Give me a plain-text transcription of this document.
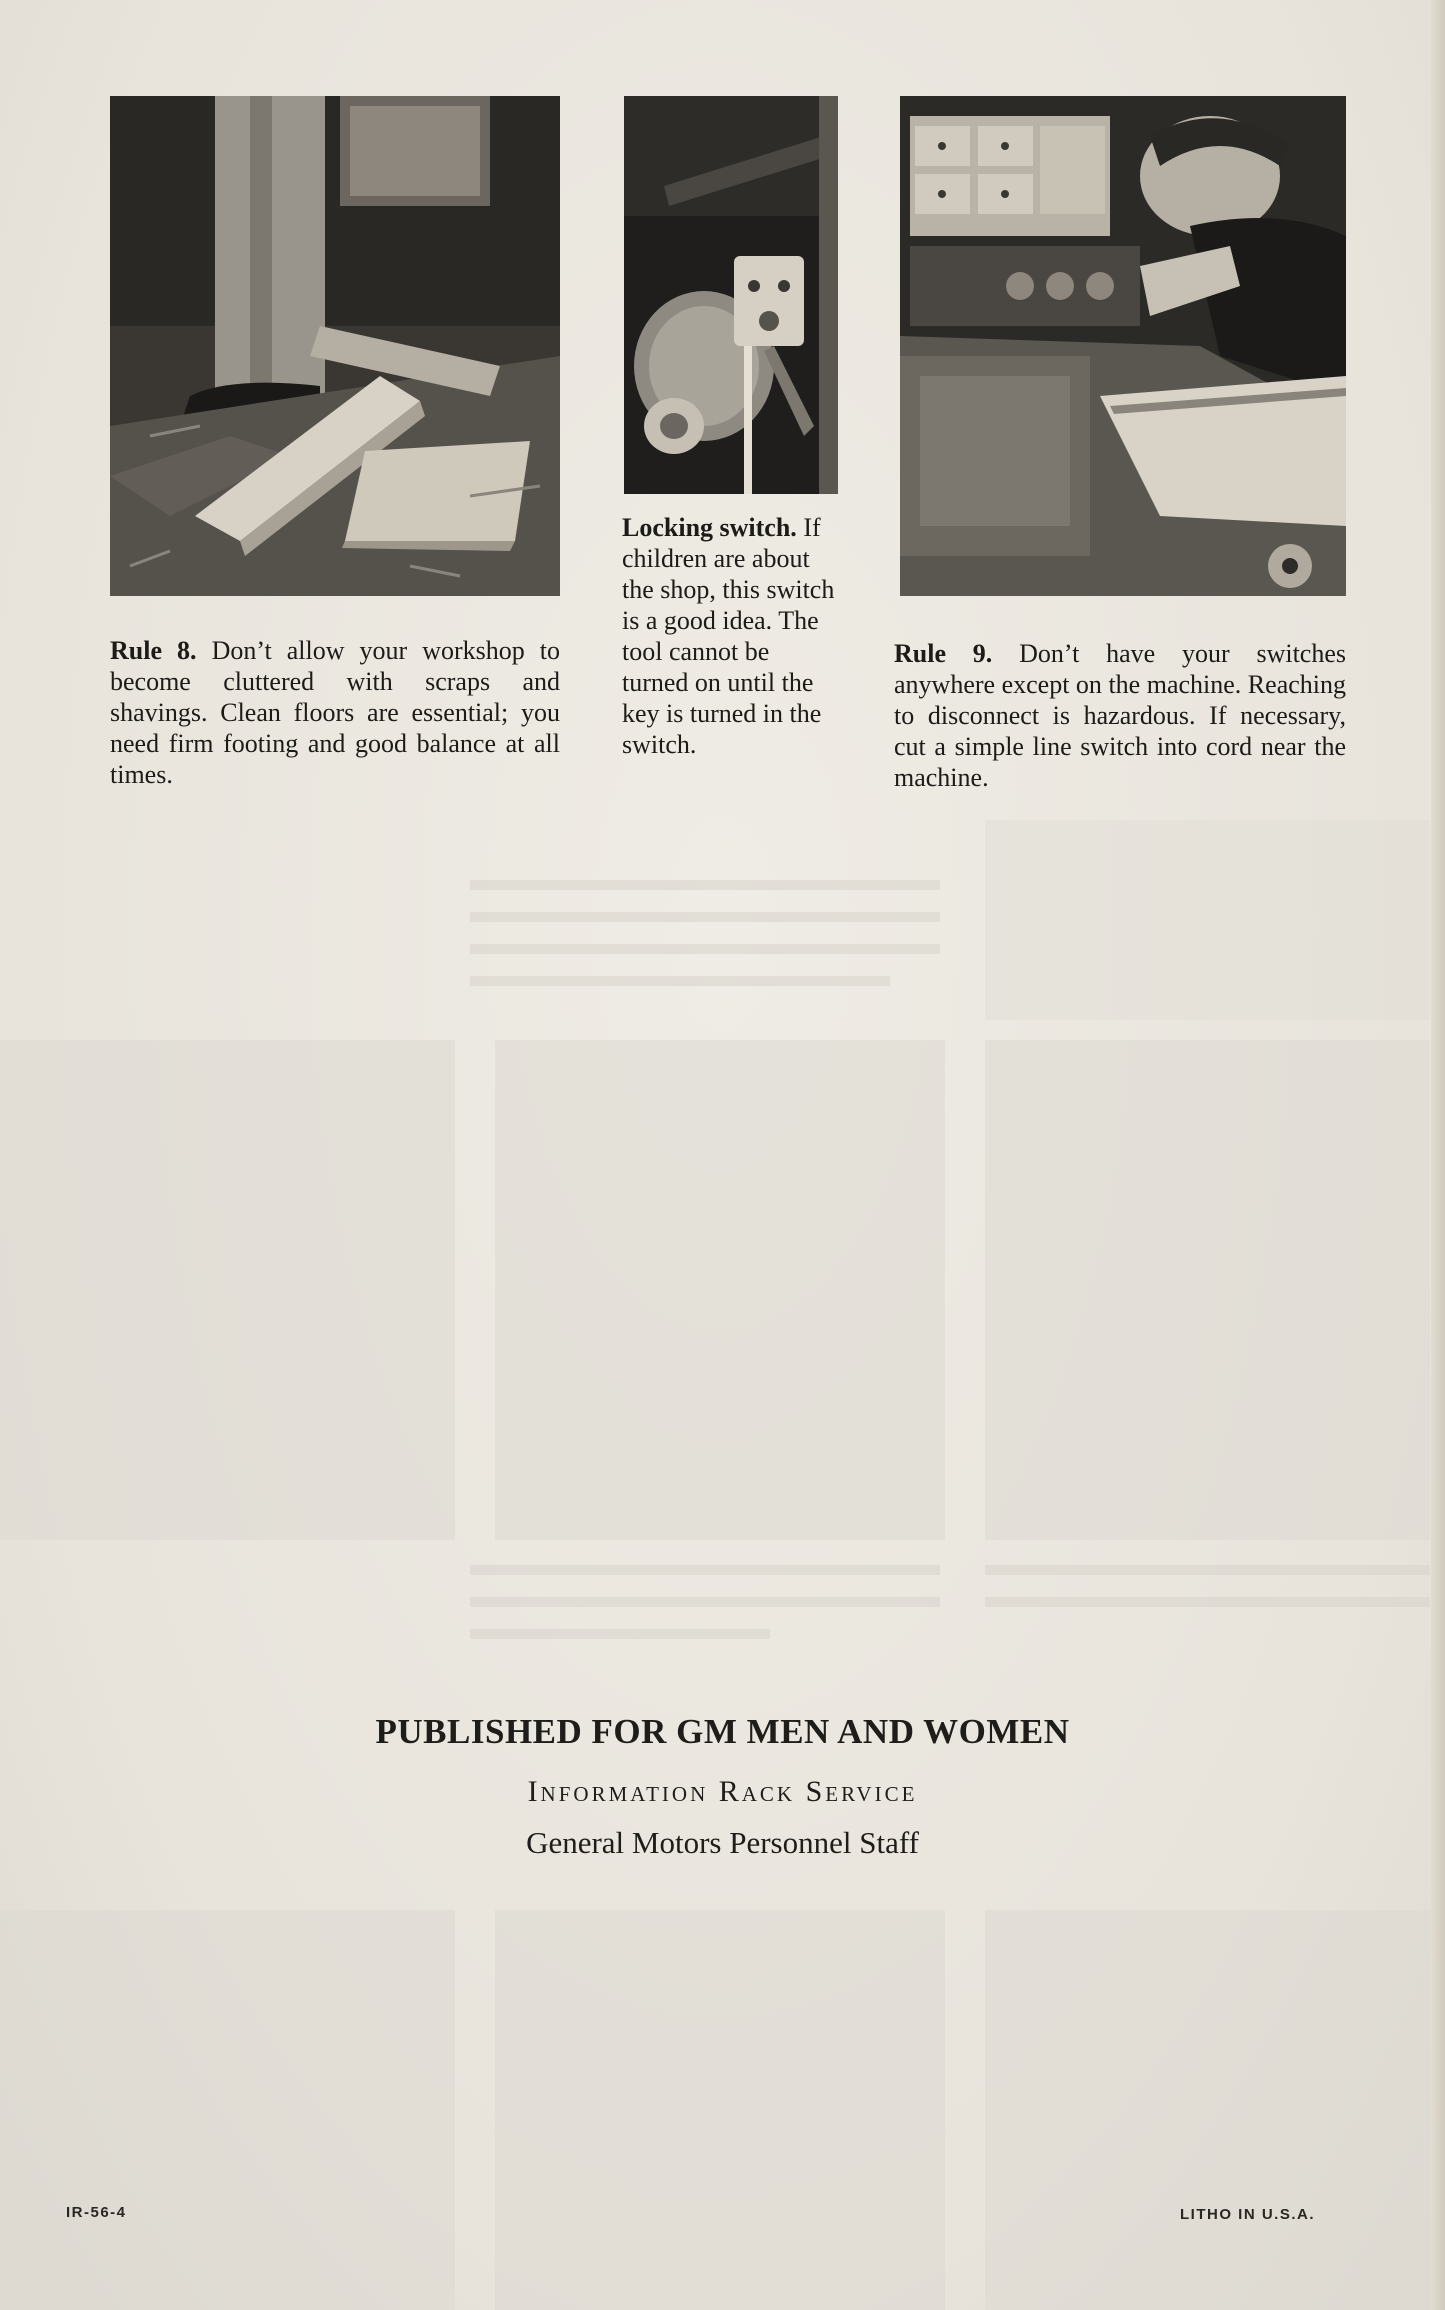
Rule 8. Don’t allow your workshop to become cluttered with scraps and shavings. Clean floors are essential; you need firm footing and good balance at all times.
Locking switch. If children are about the shop, this switch is a good idea. The tool cannot be turned on until the key is turned in the switch.
Rule 9. Don’t have your switches anywhere except on the machine. Reaching to disconnect is hazardous. If necessary, cut a simple line switch into cord near the machine.
PUBLISHED FOR GM MEN AND WOMEN
Information Rack Service
General Motors Personnel Staff
IR-56-4	LITHO IN U.S.A.
